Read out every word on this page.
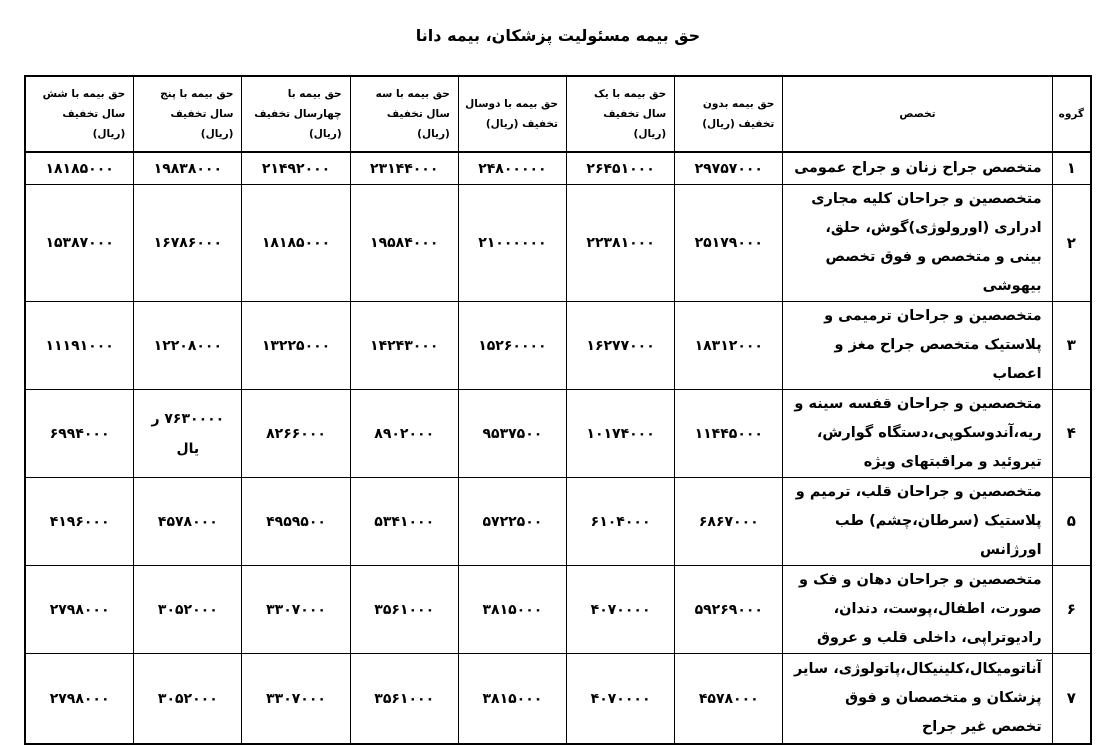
حق بیمه مسئولیت پزشکان، بیمه دانا
گروه	تخصص	حق بیمه بدون تخفیف (ریال)	حق بیمه با یک سال تخفیف (ریال)	حق بیمه با دوسال تخفیف (ریال)	حق بیمه با سه سال تخفیف (ریال)	حق بیمه با چهارسال تخفیف (ریال)	حق بیمه با پنج سال تخفیف (ریال)	حق بیمه با شش سال تخفیف (ریال)
۱	متخصص جراح زنان و جراح عمومی	۲۹۷۵۷۰۰۰	۲۶۴۵۱۰۰۰	۲۴۸۰۰۰۰۰	۲۳۱۴۴۰۰۰	۲۱۴۹۲۰۰۰	۱۹۸۳۸۰۰۰	۱۸۱۸۵۰۰۰
۲	متخصصین و جراحان کلیه مجاری ادراری (اورولوژی)گوش، حلق، بینی و متخصص و فوق تخصص بیهوشی	۲۵۱۷۹۰۰۰	۲۲۳۸۱۰۰۰	۲۱۰۰۰۰۰۰	۱۹۵۸۴۰۰۰	۱۸۱۸۵۰۰۰	۱۶۷۸۶۰۰۰	۱۵۳۸۷۰۰۰
۳	متخصصین و جراحان ترمیمی و پلاستیک متخصص جراح مغز و اعصاب	۱۸۳۱۲۰۰۰	۱۶۲۷۷۰۰۰	۱۵۲۶۰۰۰۰	۱۴۲۴۳۰۰۰	۱۳۲۲۵۰۰۰	۱۲۲۰۸۰۰۰	۱۱۱۹۱۰۰۰
۴	متخصصین و جراحان قفسه سینه و ریه،آندوسکوپی،دستگاه گوارش، تیروئید و مراقبتهای ویژه	۱۱۴۴۵۰۰۰	۱۰۱۷۴۰۰۰	۹۵۳۷۵۰۰	۸۹۰۲۰۰۰	۸۲۶۶۰۰۰	۷۶۳۰۰۰۰ ر یال	۶۹۹۴۰۰۰
۵	متخصصین و جراحان قلب، ترمیم و پلاستیک (سرطان،چشم) طب اورژانس	۶۸۶۷۰۰۰	۶۱۰۴۰۰۰	۵۷۲۲۵۰۰	۵۳۴۱۰۰۰	۴۹۵۹۵۰۰	۴۵۷۸۰۰۰	۴۱۹۶۰۰۰
۶	متخصصین و جراحان دهان و فک و صورت، اطفال،پوست، دندان، رادیوتراپی، داخلی قلب و عروق	۵۹۲۶۹۰۰۰	۴۰۷۰۰۰۰	۳۸۱۵۰۰۰	۳۵۶۱۰۰۰	۳۳۰۷۰۰۰	۳۰۵۲۰۰۰	۲۷۹۸۰۰۰
۷	آناتومیکال،کلینیکال،پاتولوژی، سایر پزشکان و متخصصان و فوق تخصص غیر جراح	۴۵۷۸۰۰۰	۴۰۷۰۰۰۰	۳۸۱۵۰۰۰	۳۵۶۱۰۰۰	۳۳۰۷۰۰۰	۳۰۵۲۰۰۰	۲۷۹۸۰۰۰
